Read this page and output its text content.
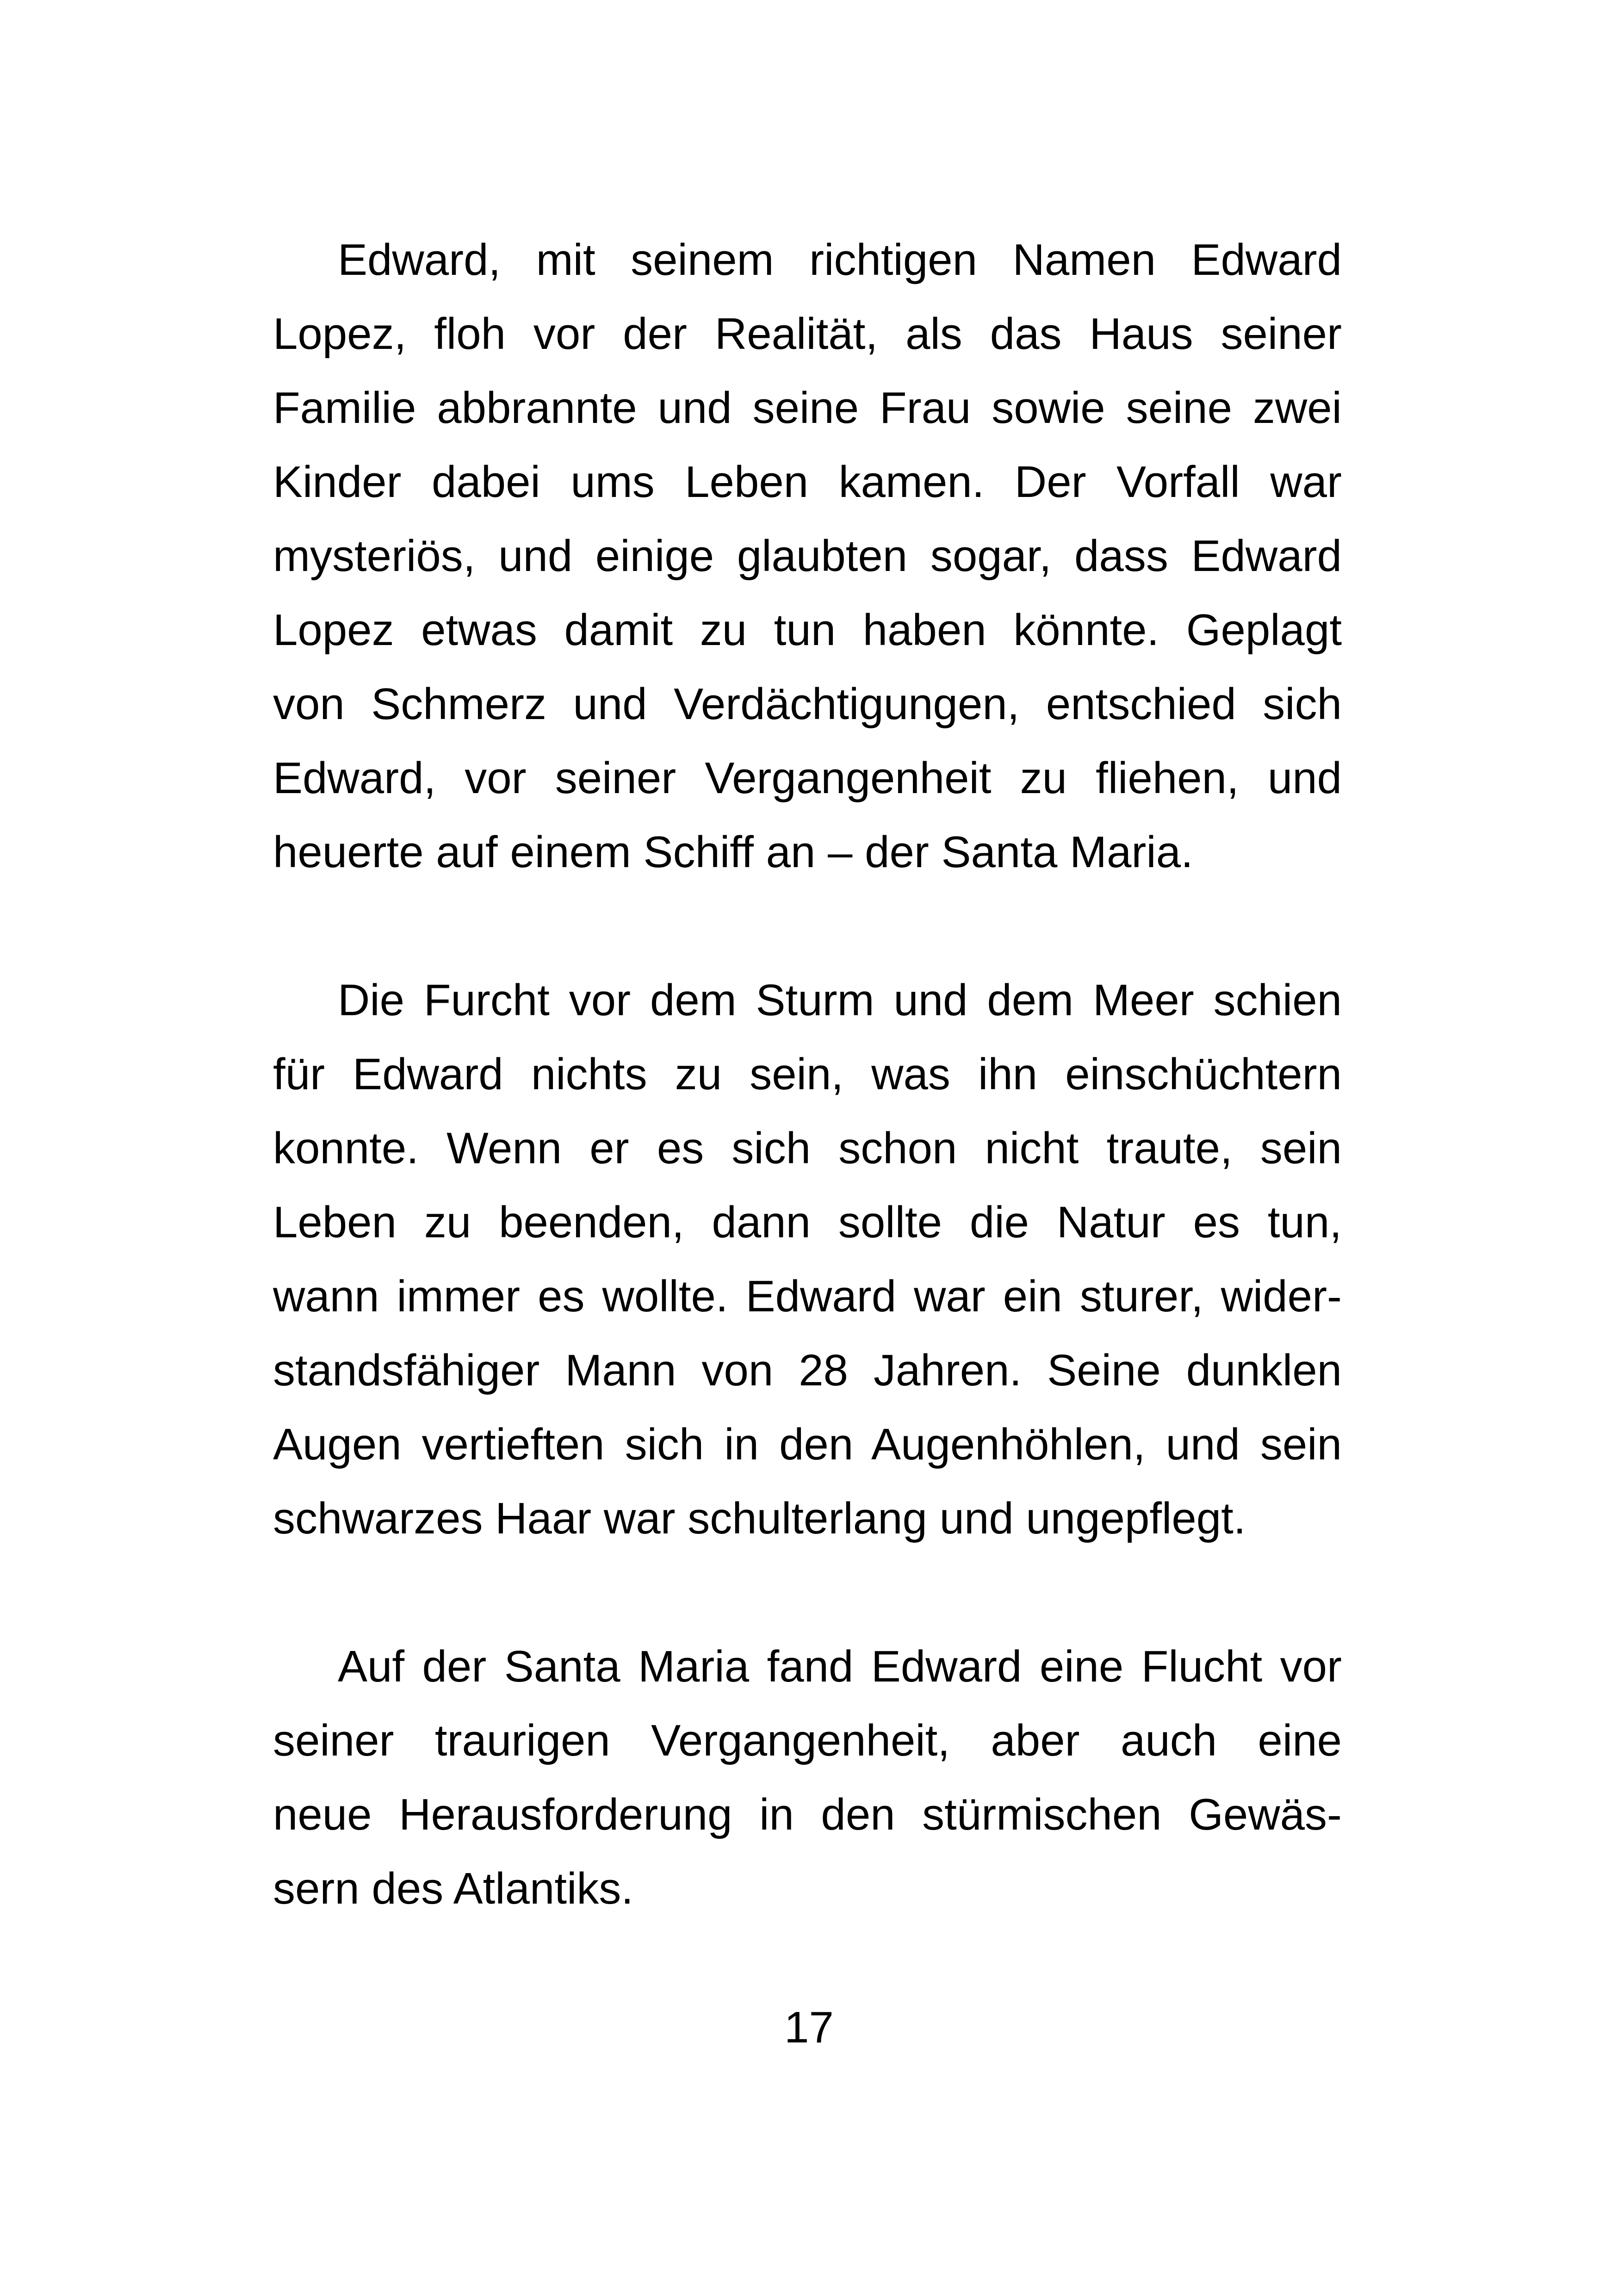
Edward, mit seinem richtigen Namen Edward
Lopez, floh vor der Realität, als das Haus seiner
Familie abbrannte und seine Frau sowie seine zwei
Kinder dabei ums Leben kamen. Der Vorfall war
mysteriös, und einige glaubten sogar, dass Edward
Lopez etwas damit zu tun haben könnte. Geplagt
von Schmerz und Verdächtigungen, entschied sich
Edward, vor seiner Vergangenheit zu fliehen, und
heuerte auf einem Schiff an – der Santa Maria.
Die Furcht vor dem Sturm und dem Meer schien
für Edward nichts zu sein, was ihn einschüchtern
konnte. Wenn er es sich schon nicht traute, sein
Leben zu beenden, dann sollte die Natur es tun,
wann immer es wollte. Edward war ein sturer, wider-
standsfähiger Mann von 28 Jahren. Seine dunklen
Augen vertieften sich in den Augenhöhlen, und sein
schwarzes Haar war schulterlang und ungepflegt.
Auf der Santa Maria fand Edward eine Flucht vor
seiner traurigen Vergangenheit, aber auch eine
neue Herausforderung in den stürmischen Gewäs-
sern des Atlantiks.
17
